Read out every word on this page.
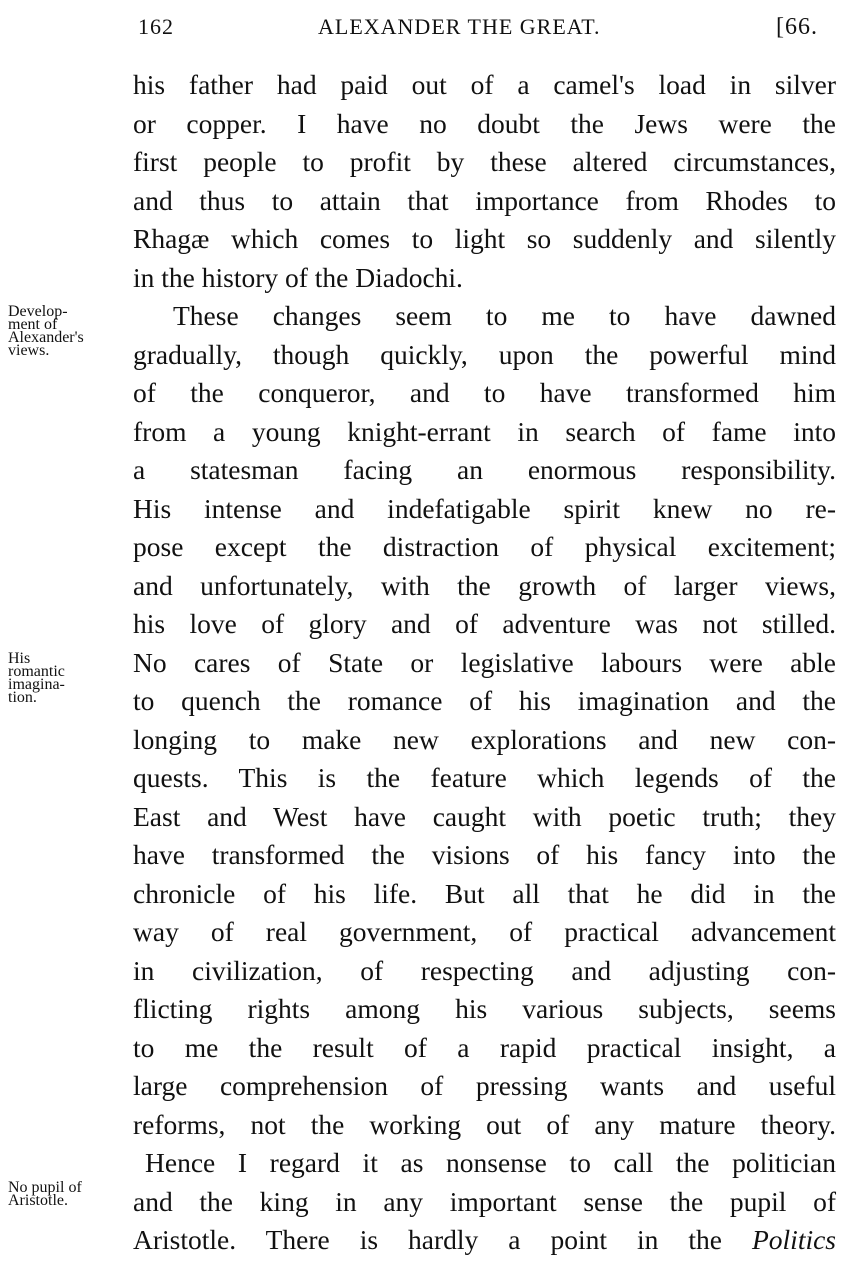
162	ALEXANDER THE GREAT.	[66.
his father had paid out of a camel's load in silver
or copper. I have no doubt the Jews were the
first people to profit by these altered circumstances,
and thus to attain that importance from Rhodes to
Rhagæ which comes to light so suddenly and silently
in the history of the Diadochi.
These changes seem to me to have dawned
gradually, though quickly, upon the powerful mind
of the conqueror, and to have transformed him
from a young knight-errant in search of fame into
a statesman facing an enormous responsibility.
His intense and indefatigable spirit knew no re-
pose except the distraction of physical excitement;
and unfortunately, with the growth of larger views,
his love of glory and of adventure was not stilled.
No cares of State or legislative labours were able
to quench the romance of his imagination and the
longing to make new explorations and new con-
quests. This is the feature which legends of the
East and West have caught with poetic truth; they
have transformed the visions of his fancy into the
chronicle of his life. But all that he did in the
way of real government, of practical advancement
in civilization, of respecting and adjusting con-
flicting rights among his various subjects, seems
to me the result of a rapid practical insight, a
large comprehension of pressing wants and useful
reforms, not the working out of any mature theory.
Hence I regard it as nonsense to call the politician
and the king in any important sense the pupil of
Aristotle. There is hardly a point in the Politics
Develop-
ment of
Alexander's
views.
His
romantic
imagina-
tion.
No pupil of
Aristotle.
